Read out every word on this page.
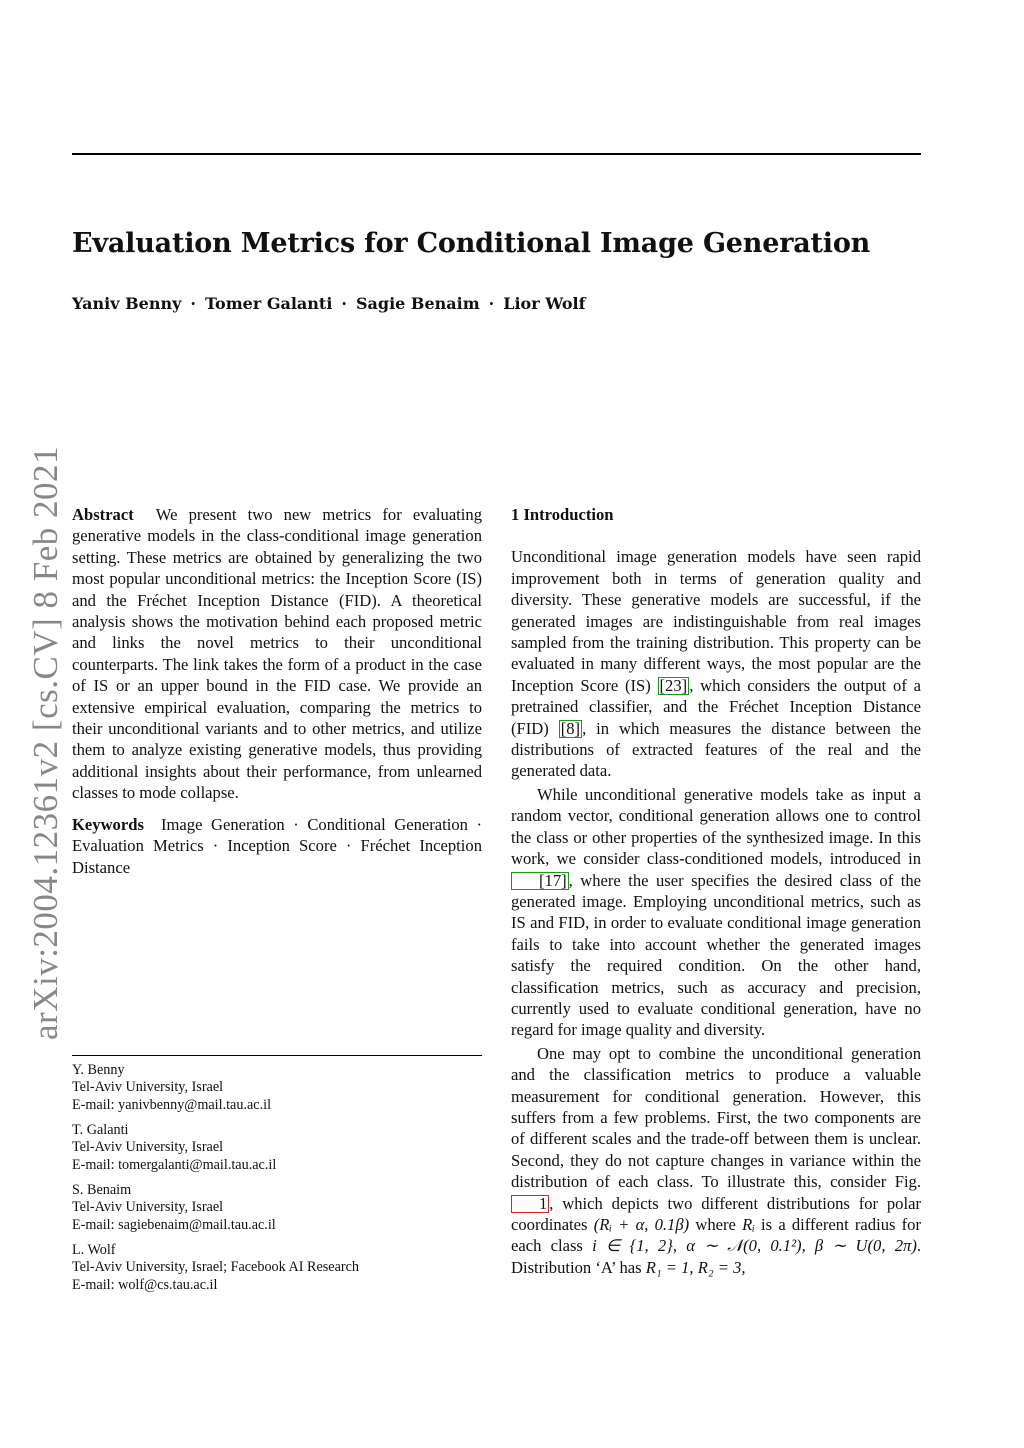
Evaluation Metrics for Conditional Image Generation
Yaniv Benny · Tomer Galanti · Sagie Benaim · Lior Wolf
arXiv:2004.12361v2 [cs.CV] 8 Feb 2021 Abstract We present two new metrics for evaluating generative models in the class-conditional image generation setting. These metrics are obtained by generalizing the two most popular unconditional metrics: the Inception Score (IS) and the Fréchet Inception Distance (FID). A theoretical analysis shows the motivation behind each proposed metric and links the novel metrics to their unconditional counterparts. The link takes the form of a product in the case of IS or an upper bound in the FID case. We provide an extensive empirical evaluation, comparing the metrics to their unconditional variants and to other metrics, and utilize them to analyze existing generative models, thus providing additional insights about their performance, from unlearned classes to mode collapse.

Keywords Image Generation · Conditional Generation · Evaluation Metrics · Inception Score · Fréchet Inception Distance

Y. Benny
Tel-Aviv University, Israel
E-mail: yanivbenny@mail.tau.ac.il
T. Galanti
Tel-Aviv University, Israel
E-mail: tomergalanti@mail.tau.ac.il
S. Benaim
Tel-Aviv University, Israel
E-mail: sagiebenaim@mail.tau.ac.il
L. Wolf
Tel-Aviv University, Israel; Facebook AI Research
E-mail: wolf@cs.tau.ac.il

1 Introduction

Unconditional image generation models have seen rapid improvement both in terms of generation quality and diversity. These generative models are successful, if the generated images are indistinguishable from real images sampled from the training distribution. This property can be evaluated in many different ways, the most popular are the Inception Score (IS) [23] , which considers the output of a pretrained classifier, and the Fréchet Inception Distance (FID) [8] , in which measures the distance between the distributions of extracted features of the real and the generated data.

While unconditional generative models take as input a random vector, conditional generation allows one to control the class or other properties of the synthesized image. In this work, we consider class-conditioned models, introduced in [17] , where the user specifies the desired class of the generated image. Employing unconditional metrics, such as IS and FID, in order to evaluate conditional image generation fails to take into account whether the generated images satisfy the required condition. On the other hand, classification metrics, such as accuracy and precision, currently used to evaluate conditional generation, have no regard for image quality and diversity.

One may opt to combine the unconditional generation and the classification metrics to produce a valuable measurement for conditional generation. However, this suffers from a few problems. First, the two components are of different scales and the trade-off between them is unclear. Second, they do not capture changes in variance within the distribution of each class. To illustrate this, consider Fig. 1 , which depicts two different distributions for polar coordinates (Rᵢ + α, 0.1β) where Rᵢ is a different radius for each class i ∈ {1, 2}, α ∼ 𝒩(0, 0.1²), β ∼ U(0, 2π). Distribution ‘A’ has R₁ = 1, R₂ = 3,
